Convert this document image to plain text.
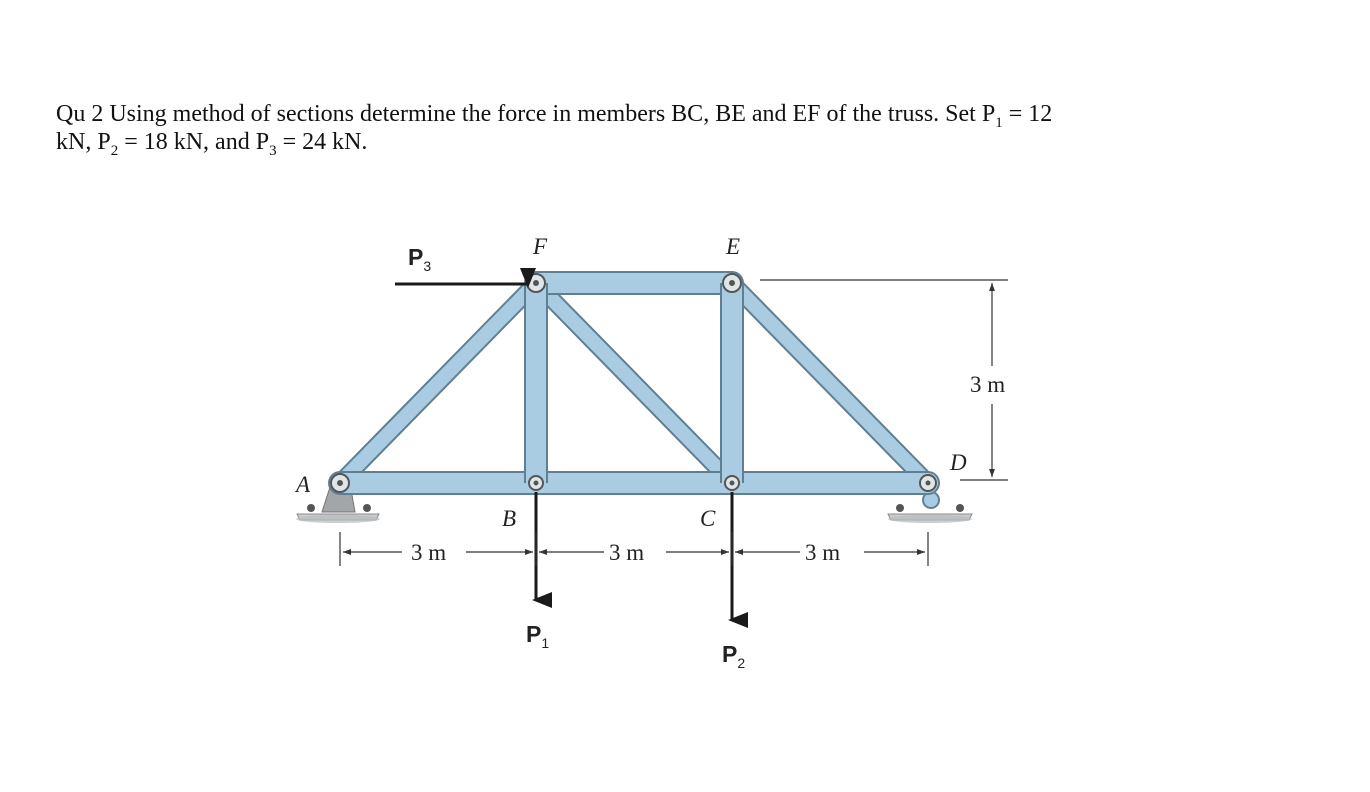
Qu 2 Using method of sections determine the force in members BC, BE and EF of the truss. Set $P_1 = 12$
kN, $P_2 = 18$ kN, and $P_3 = 24$ kN.
A
B	C
D
E
F
P3
P1	P2
3 m	3 m	3 m
3 m
